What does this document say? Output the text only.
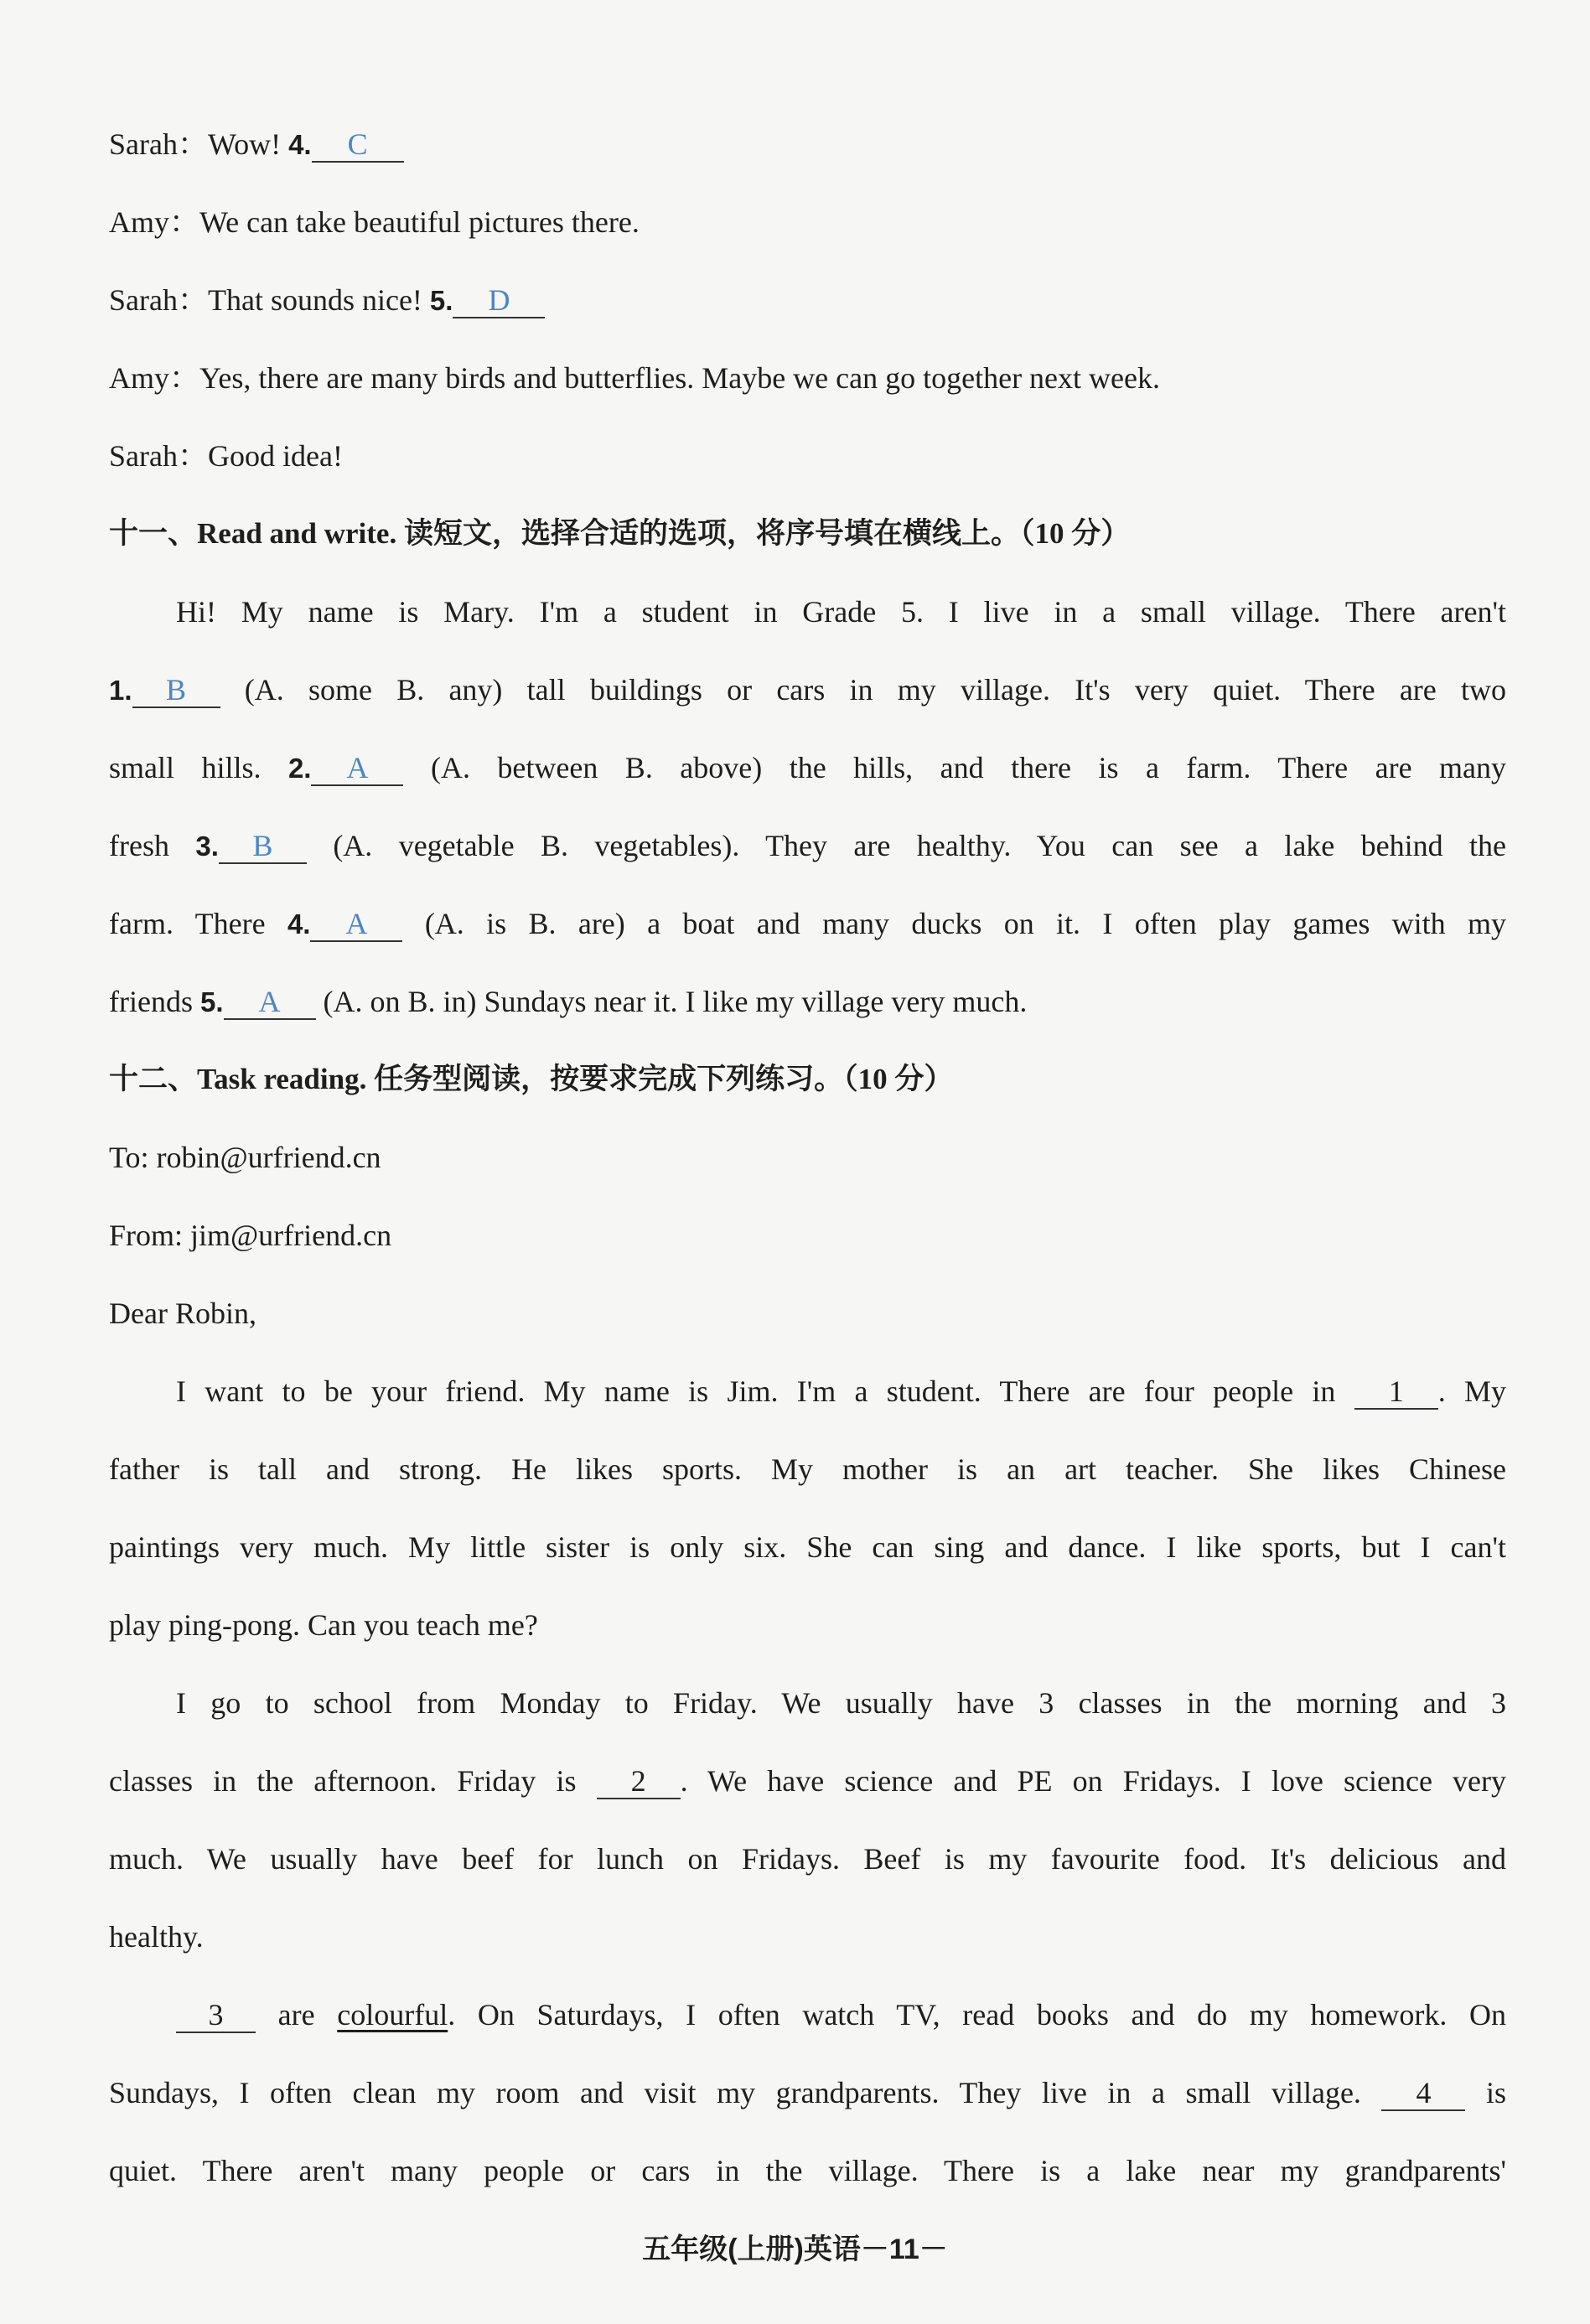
Sarah：Wow! 4. C
Amy：We can take beautiful pictures there.
Sarah：That sounds nice! 5. D
Amy：Yes, there are many birds and butterflies. Maybe we can go together next week.
Sarah：Good idea!
十一、Read and write. 读短文，选择合适的选项，将序号填在横线上。（10 分）
Hi! My name is Mary. I'm a student in Grade 5. I live in a small village. There aren't
1. B (A. some B. any) tall buildings or cars in my village. It's very quiet. There are two
small hills. 2. A (A. between B. above) the hills, and there is a farm. There are many
fresh 3. B (A. vegetable B. vegetables). They are healthy. You can see a lake behind the
farm. There 4. A (A. is B. are) a boat and many ducks on it. I often play games with my
friends 5. A (A. on B. in) Sundays near it. I like my village very much.
十二、Task reading. 任务型阅读，按要求完成下列练习。（10 分）
To: robin@urfriend.cn
From: jim@urfriend.cn
Dear Robin,
I want to be your friend. My name is Jim. I'm a student. There are four people in 1 . My
father is tall and strong. He likes sports. My mother is an art teacher. She likes Chinese
paintings very much. My little sister is only six. She can sing and dance. I like sports, but I can't
play ping-pong. Can you teach me?
I go to school from Monday to Friday. We usually have 3 classes in the morning and 3
classes in the afternoon. Friday is 2 . We have science and PE on Fridays. I love science very
much. We usually have beef for lunch on Fridays. Beef is my favourite food. It's delicious and
healthy.
3 are colourful. On Saturdays, I often watch TV, read books and do my homework. On
Sundays, I often clean my room and visit my grandparents. They live in a small village. 4 is
quiet. There aren't many people or cars in the village. There is a lake near my grandparents'
五年级(上册)英语－11－
